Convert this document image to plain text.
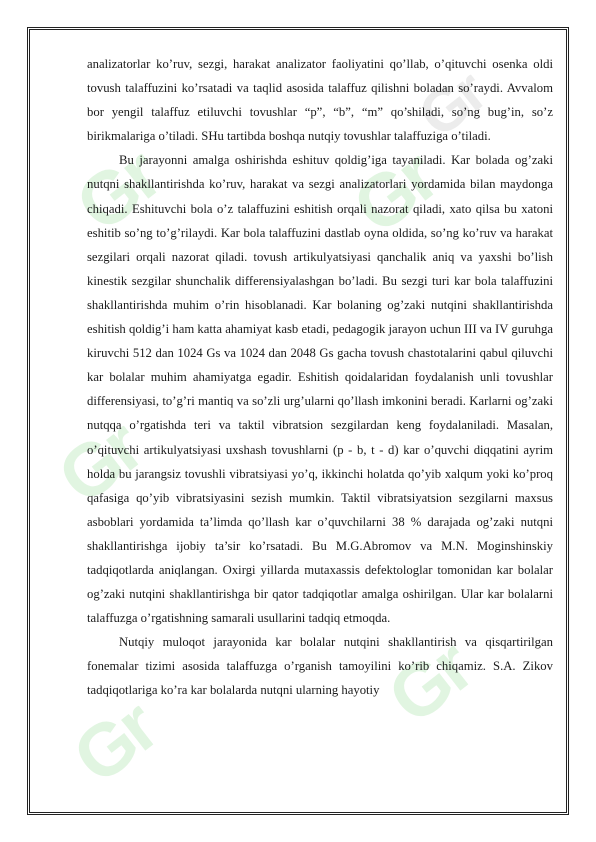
Gr
Gr
Gr
Gr
Gr
Gr

analizatorlar ko’ruv, sezgi, harakat analizator faoliyatini qo’llab, o’qituvchi osenka oldi tovush talaffuzini ko’rsatadi va taqlid asosida talaffuz qilishni boladan so’raydi. Avvalom bor yengil talaffuz etiluvchi tovushlar “p”, “b”, “m” qo’shiladi, so’ng bug’in, so’z birikmalariga o’tiladi. SHu tartibda boshqa nutqiy tovushlar talaffuziga o’tiladi.

Bu jarayonni amalga oshirishda eshituv qoldig’iga tayaniladi. Kar bolada og’zaki nutqni shakllantirishda ko’ruv, harakat va sezgi analizatorlari yordamida bilan maydonga chiqadi. Eshituvchi bola o’z talaffuzini eshitish orqali nazorat qiladi, xato qilsa bu xatoni eshitib so’ng to’g’rilaydi. Kar bola talaffuzini dastlab oyna oldida, so’ng ko’ruv va harakat sezgilari orqali nazorat qiladi. tovush artikulyatsiyasi qanchalik aniq va yaxshi bo’lish kinestik sezgilar shunchalik differensiyalashgan bo’ladi. Bu sezgi turi kar bola talaffuzini shakllantirishda muhim o’rin hisoblanadi. Kar bolaning og’zaki nutqini shakllantirishda eshitish qoldig’i ham katta ahamiyat kasb etadi, pedagogik jarayon uchun III va IV guruhga kiruvchi 512 dan 1024 Gs va 1024 dan 2048 Gs gacha tovush chastotalarini qabul qiluvchi kar bolalar muhim ahamiyatga egadir. Eshitish qoidalaridan foydalanish unli tovushlar differensiyasi, to’g’ri mantiq va so’zli urg’ularni qo’llash imkonini beradi. Karlarni og’zaki nutqqa o’rgatishda teri va taktil vibratsion sezgilardan keng foydalaniladi. Masalan, o’qituvchi artikulyatsiyasi uxshash tovushlarni (p - b, t - d) kar o’quvchi diqqatini ayrim holda bu jarangsiz tovushli vibratsiyasi yo’q, ikkinchi holatda qo’yib xalqum yoki ko’proq qafasiga qo’yib vibratsiyasini sezish mumkin. Taktil vibratsiyatsion sezgilarni maxsus asboblari yordamida ta’limda qo’llash kar o’quvchilarni 38 % darajada og’zaki nutqni shakllantirishga ijobiy ta’sir ko’rsatadi. Bu M.G.Abromov va M.N. Moginshinskiy tadqiqotlarda aniqlangan. Oxirgi yillarda mutaxassis defektologlar tomonidan kar bolalar og’zaki nutqini shakllantirishga bir qator tadqiqotlar amalga oshirilgan. Ular kar bolalarni talaffuzga o’rgatishning samarali usullarini tadqiq etmoqda.

Nutqiy muloqot jarayonida kar bolalar nutqini shakllantirish va qisqartirilgan fonemalar tizimi asosida talaffuzga o’rganish tamoyilini ko’rib chiqamiz. S.A. Zikov tadqiqotlariga ko’ra kar bolalarda nutqni ularning hayotiy
